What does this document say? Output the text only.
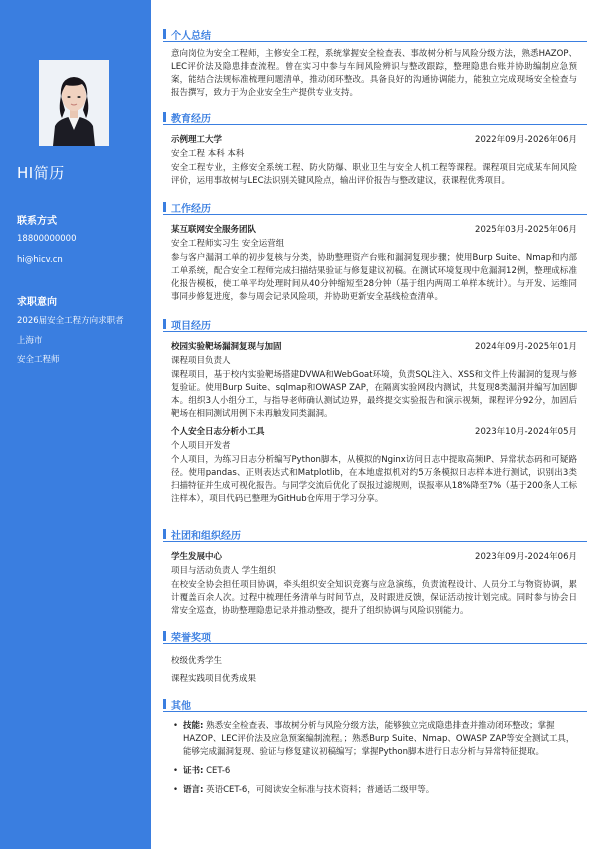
HI简历
联系方式
18800000000
hi@hicv.cn
求职意向
2026届安全工程方向求职者
上海市
安全工程师
个人总结
意向岗位为安全工程师，主修安全工程，系统掌握安全检查表、事故树分析与风险分级方法，熟悉HAZOP、LEC评价法及隐患排查流程。曾在实习中参与车间风险辨识与整改跟踪，整理隐患台账并协助编制应急预案，能结合法规标准梳理问题清单，推动闭环整改。具备良好的沟通协调能力，能独立完成现场安全检查与报告撰写，致力于为企业安全生产提供专业支持。
教育经历
示例理工大学	2022年09月-2026年06月
安全工程 本科 本科
安全工程专业，主修安全系统工程、防火防爆、职业卫生与安全人机工程等课程。课程项目完成某车间风险评价，运用事故树与LEC法识别关键风险点，输出评价报告与整改建议，获课程优秀项目。
工作经历
某互联网安全服务团队	2025年03月-2025年06月
安全工程师实习生 安全运营组
参与客户漏洞工单的初步复核与分类，协助整理资产台账和漏洞复现步骤；使用Burp Suite、Nmap和内部工单系统，配合安全工程师完成扫描结果验证与修复建议初稿。在测试环境复现中危漏洞12例，整理成标准化报告模板，使工单平均处理时间从40分钟缩短至28分钟（基于组内两周工单样本统计）。与开发、运维同事同步修复进度，参与周会记录风险项，并协助更新安全基线检查清单。
项目经历
校园实验靶场漏洞复现与加固	2024年09月-2025年01月
课程项目负责人
课程项目，基于校内实验靶场搭建DVWA和WebGoat环境，负责SQL注入、XSS和文件上传漏洞的复现与修复验证。使用Burp Suite、sqlmap和OWASP ZAP，在隔离实验网段内测试，共复现8类漏洞并编写加固脚本。组织3人小组分工，与指导老师确认测试边界，最终提交实验报告和演示视频，课程评分92分，加固后靶场在相同测试用例下未再触发同类漏洞。
个人安全日志分析小工具	2023年10月-2024年05月
个人项目开发者
个人项目，为练习日志分析编写Python脚本，从模拟的Nginx访问日志中提取高频IP、异常状态码和可疑路径。使用pandas、正则表达式和Matplotlib，在本地虚拟机对约5万条模拟日志样本进行测试，识别出3类扫描特征并生成可视化报告。与同学交流后优化了误报过滤规则，误报率从18%降至7%（基于200条人工标注样本），项目代码已整理为GitHub仓库用于学习分享。
社团和组织经历
学生发展中心	2023年09月-2024年06月
项目与活动负责人 学生组织
在校安全协会担任项目协调，牵头组织安全知识竞赛与应急演练，负责流程设计、人员分工与物资协调，累计覆盖百余人次。过程中梳理任务清单与时间节点，及时跟进反馈，保证活动按计划完成。同时参与协会日常安全巡查，协助整理隐患记录并推动整改，提升了组织协调与风险识别能力。
荣誉奖项
校级优秀学生
课程实践项目优秀成果
其他
• 技能: 熟悉安全检查表、事故树分析与风险分级方法，能够独立完成隐患排查并推动闭环整改；掌握HAZOP、LEC评价法及应急预案编制流程。；熟悉Burp Suite、Nmap、OWASP ZAP等安全测试工具，能够完成漏洞复现、验证与修复建议初稿编写；掌握Python脚本进行日志分析与异常特征提取。
• 证书: CET-6
• 语言: 英语CET-6，可阅读安全标准与技术资料；普通话二级甲等。
